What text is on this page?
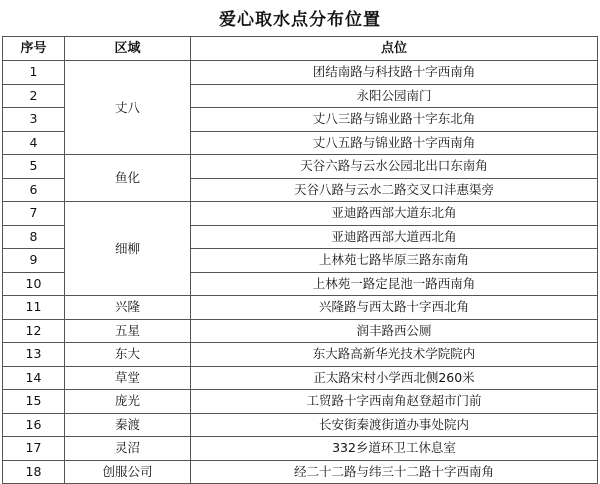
爱心取水点分布位置
序号	区域	点位
1	丈八	团结南路与科技路十字西南角
2		永阳公园南门
3		丈八三路与锦业路十字东北角
4		丈八五路与锦业路十字西南角
5	鱼化	天谷六路与云水公园北出口东南角
6		天谷八路与云水二路交叉口沣惠渠旁
7	细柳	亚迪路西部大道东北角
8		亚迪路西部大道西北角
9		上林苑七路毕原三路东南角
10		上林苑一路定昆池一路西南角
11	兴隆	兴隆路与西太路十字西北角
12	五星	润丰路西公厕
13	东大	东大路高新华光技术学院院内
14	草堂	正太路宋村小学西北侧260米
15	庞光	工贸路十字西南角赵登超市门前
16	秦渡	长安街秦渡街道办事处院内
17	灵沼	332乡道环卫工休息室
18	创服公司	经二十二路与纬三十二路十字西南角
